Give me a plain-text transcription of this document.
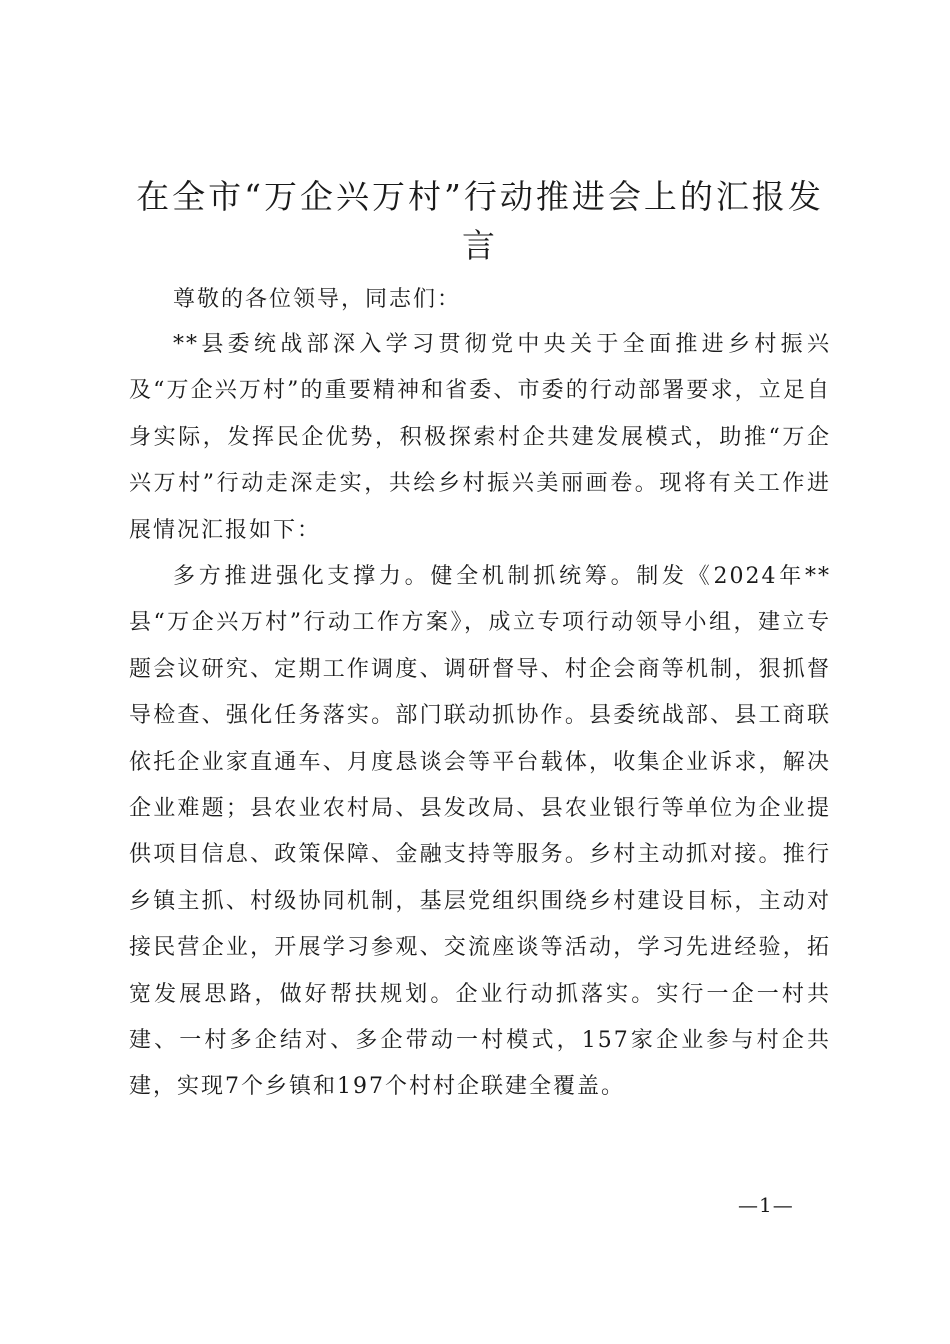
在全市“万企兴万村”行动推进会上的汇报发言

尊敬的各位领导，同志们：

**县委统战部深入学习贯彻党中央关于全面推进乡村振兴及“万企兴万村”的重要精神和省委、市委的行动部署要求，立足自身实际，发挥民企优势，积极探索村企共建发展模式，助推“万企兴万村”行动走深走实，共绘乡村振兴美丽画卷。现将有关工作进展情况汇报如下：

多方推进强化支撑力。健全机制抓统筹。制发《2024年**县“万企兴万村”行动工作方案》，成立专项行动领导小组，建立专题会议研究、定期工作调度、调研督导、村企会商等机制，狠抓督导检查、强化任务落实。部门联动抓协作。县委统战部、县工商联依托企业家直通车、月度恳谈会等平台载体，收集企业诉求，解决企业难题；县农业农村局、县发改局、县农业银行等单位为企业提供项目信息、政策保障、金融支持等服务。乡村主动抓对接。推行乡镇主抓、村级协同机制，基层党组织围绕乡村建设目标，主动对接民营企业，开展学习参观、交流座谈等活动，学习先进经验，拓宽发展思路，做好帮扶规划。企业行动抓落实。实行一企一村共建、一村多企结对、多企带动一村模式，157家企业参与村企共建，实现7个乡镇和197个村村企联建全覆盖。

—1—
